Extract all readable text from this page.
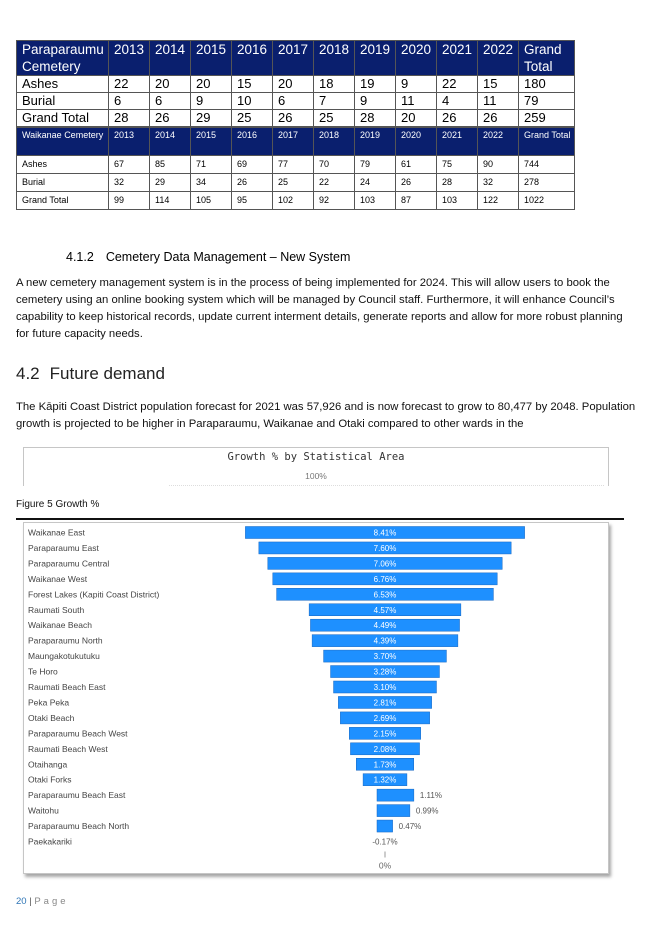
Paraparaumu Cemetery	2013	2014	2015	2016	2017	2018	2019	2020	2021	2022	Grand Total
Ashes	22	20	20	15	20	18	19	9	22	15	180
Burial	6	6	9	10	6	7	9	11	4	11	79
Grand Total	28	26	29	25	26	25	28	20	26	26	259
Waikanae Cemetery	2013	2014	2015	2016	2017	2018	2019	2020	2021	2022	Grand Total
Ashes	67	85	71	69	77	70	79	61	75	90	744
Burial	32	29	34	26	25	22	24	26	28	32	278
Grand Total	99	114	105	95	102	92	103	87	103	122	1022
4.1.2 Cemetery Data Management – New System

A new cemetery management system is in the process of being implemented for 2024. This will allow users to book the cemetery using an online booking system which will be managed by Council staff. Furthermore, it will enhance Council’s capability to keep historical records, update current interment details, generate reports and allow for more robust planning for future capacity needs.

4.2 Future demand

The Kāpiti Coast District population forecast for 2021 was 57,926 and is now forecast to grow to 80,477 by 2048. Population growth is projected to be higher in Paraparaumu, Waikanae and Otaki compared to other wards in the

Growth % by Statistical Area
100%

Figure 5 Growth %

Waikanae East	8.41%
Paraparaumu East	7.60%
Paraparaumu Central	7.06%
Waikanae West	6.76%
Forest Lakes (Kapiti Coast District)	6.53%
Raumati South	4.57%
Waikanae Beach	4.49%
Paraparaumu North	4.39%
Maungakotukutuku	3.70%
Te Horo	3.28%
Raumati Beach East	3.10%
Peka Peka	2.81%
Otaki Beach	2.69%
Paraparaumu Beach West	2.15%
Raumati Beach West	2.08%
Otaihanga	1.73%
Otaki Forks	1.32%
Paraparaumu Beach East	1.11%
Waitohu	0.99%
Paraparaumu Beach North	0.47%
Paekakariki	-0.17%
0%

20 | Page
